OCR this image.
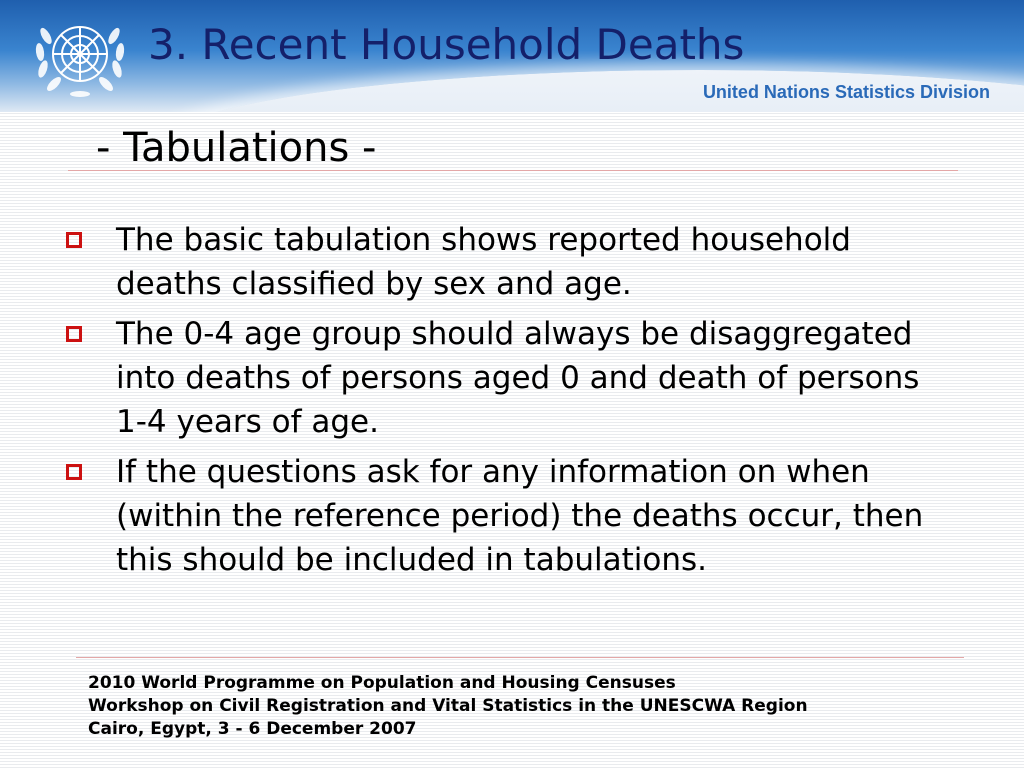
3. Recent Household Deaths
United Nations Statistics Division
- Tabulations -
The basic tabulation shows reported household deaths classified by sex and age.
The 0-4 age group should always be disaggregated into deaths of persons aged 0 and death of persons 1-4 years of age.
If the questions ask for any information on when (within the reference period) the deaths occur, then this should be included in tabulations.
2010 World Programme on Population and Housing Censuses
Workshop on Civil Registration and Vital Statistics in the UNESCWA Region
Cairo, Egypt, 3 - 6 December 2007
